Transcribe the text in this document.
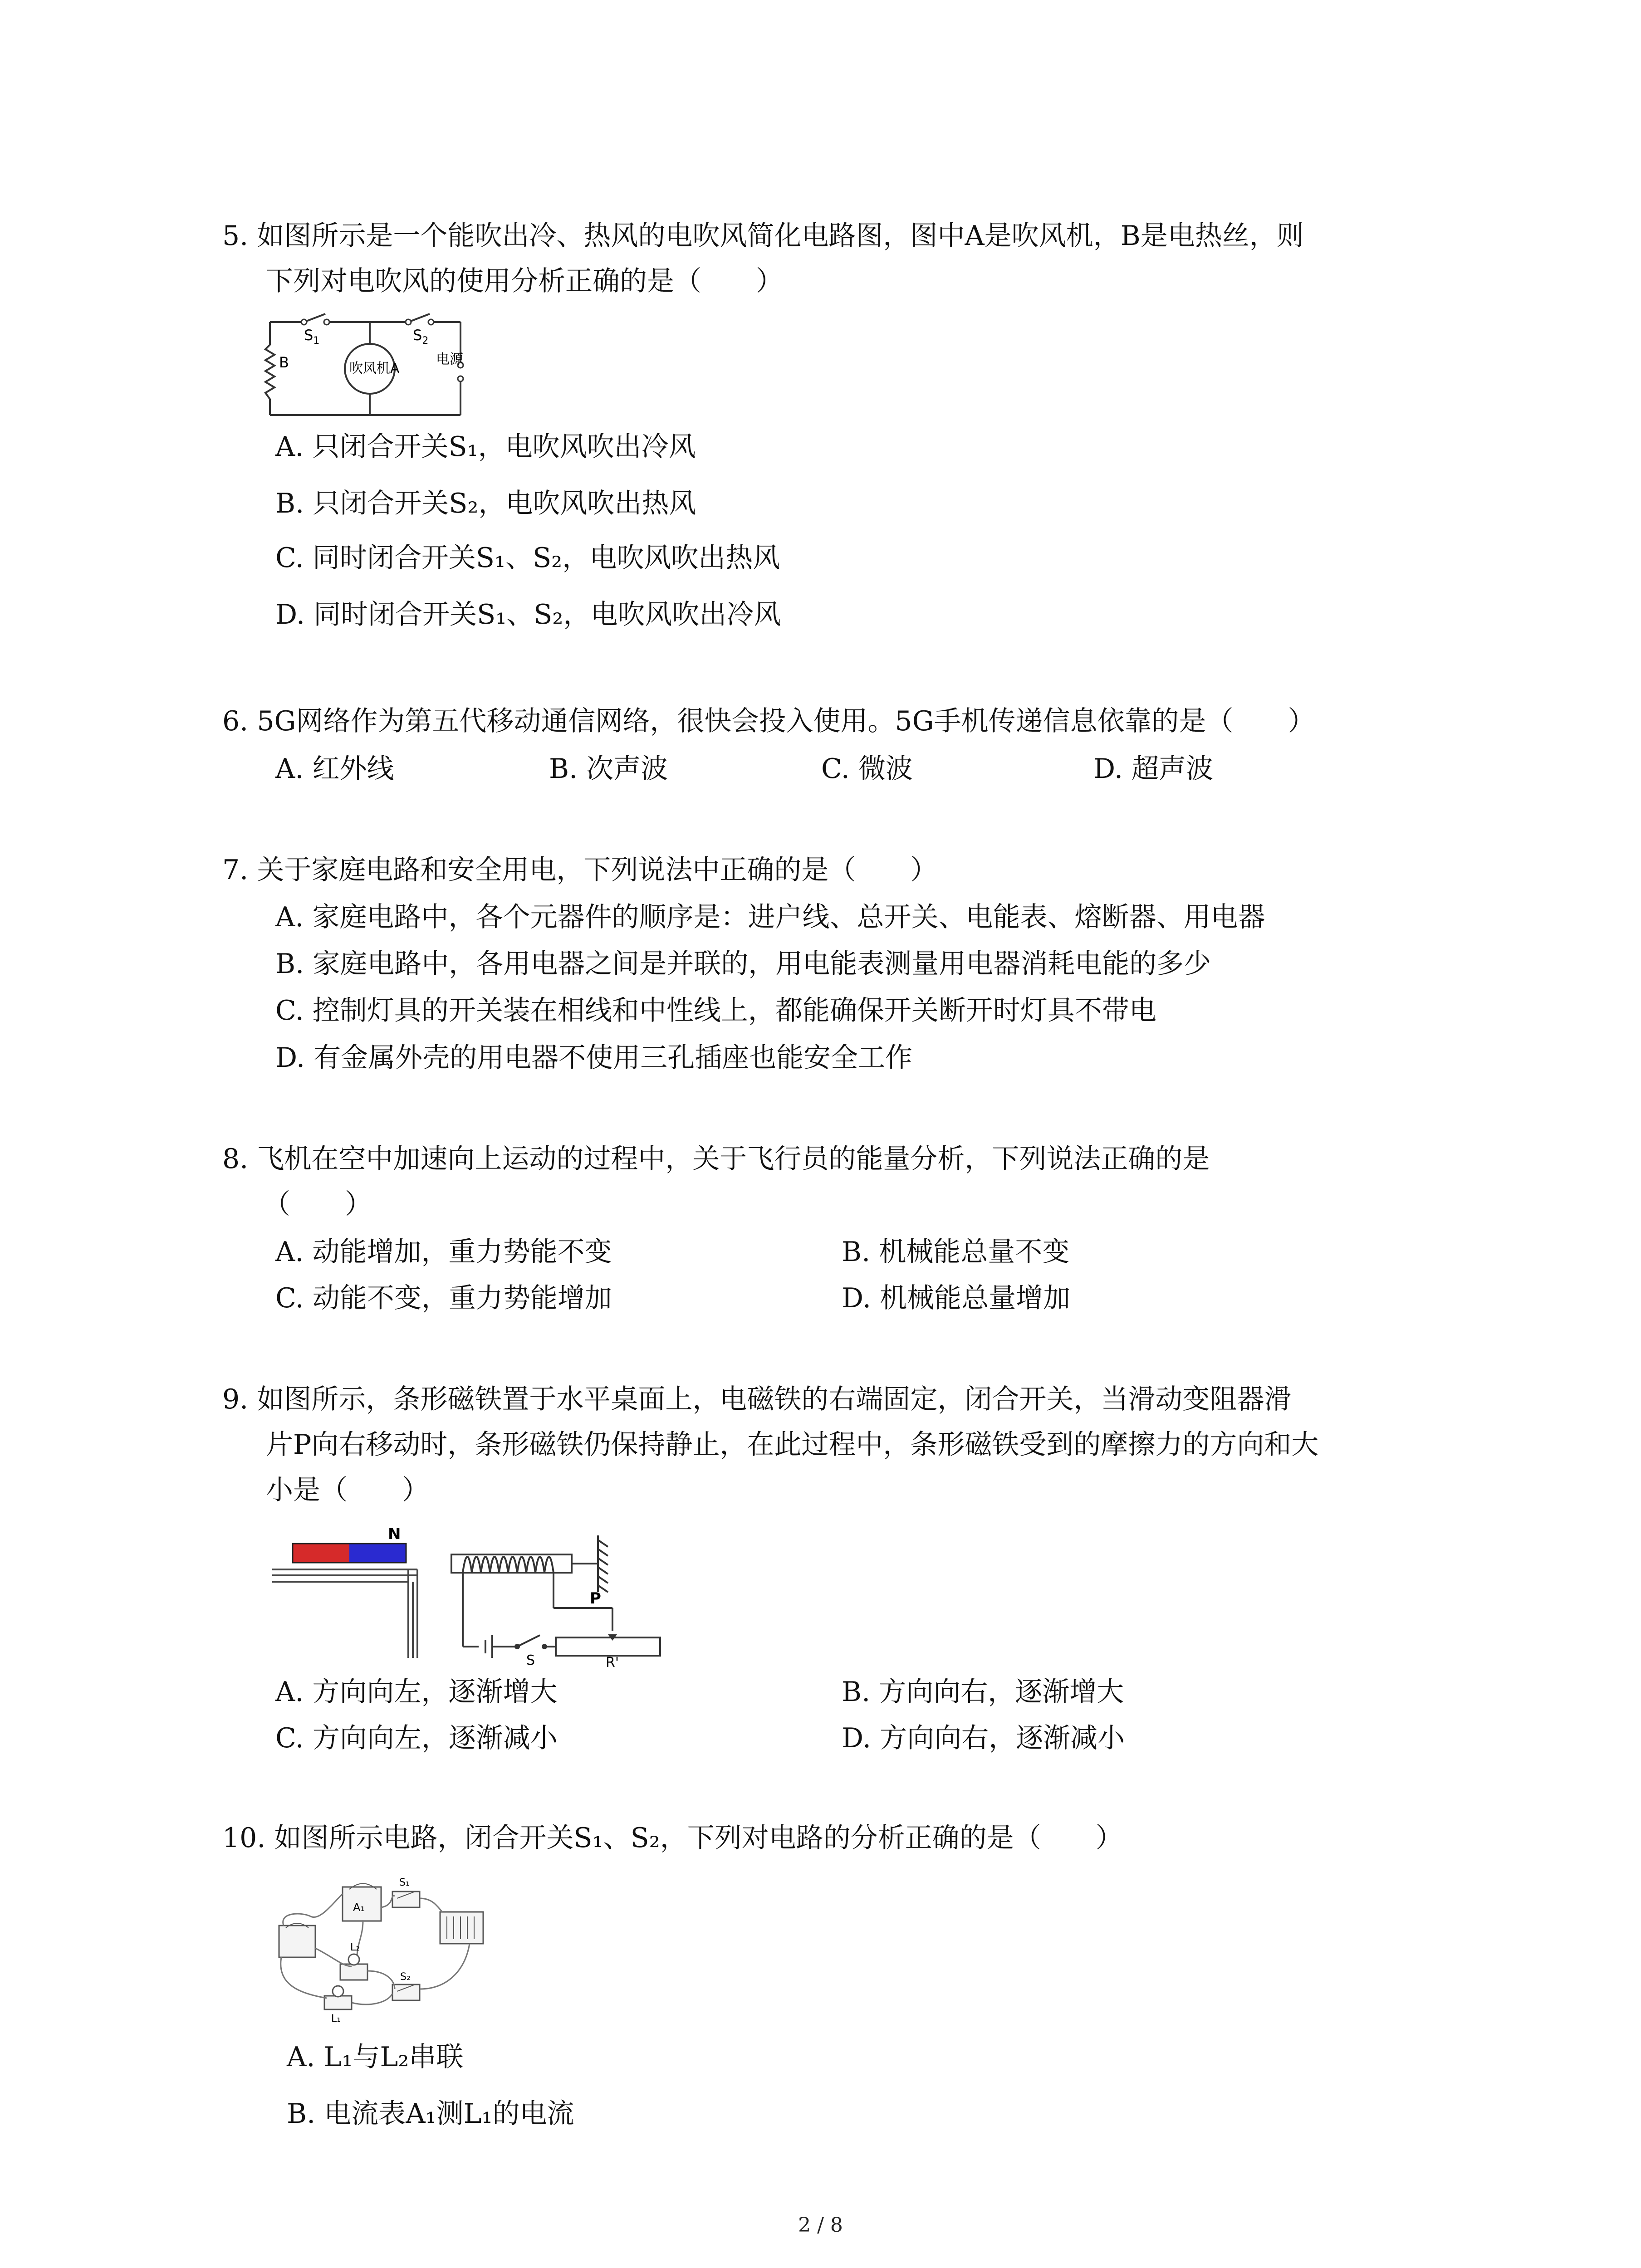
5. 如图所示是一个能吹出冷、热风的电吹风简化电路图，图中A是吹风机，B是电热丝，则
下列对电吹风的使用分析正确的是（　　）
$S_1$	$S_2$
B	吹风机A
电源
A. 只闭合开关S₁，电吹风吹出冷风
B. 只闭合开关S₂，电吹风吹出热风
C. 同时闭合开关S₁、S₂，电吹风吹出热风
D. 同时闭合开关S₁、S₂，电吹风吹出冷风
6. 5G网络作为第五代移动通信网络，很快会投入使用。5G手机传递信息依靠的是（　　）
A. 红外线	B. 次声波	C. 微波	D. 超声波
7. 关于家庭电路和安全用电，下列说法中正确的是（　　）
A. 家庭电路中，各个元器件的顺序是：进户线、总开关、电能表、熔断器、用电器
B. 家庭电路中，各用电器之间是并联的，用电能表测量用电器消耗电能的多少
C. 控制灯具的开关装在相线和中性线上，都能确保开关断开时灯具不带电
D. 有金属外壳的用电器不使用三孔插座也能安全工作
8. 飞机在空中加速向上运动的过程中，关于飞行员的能量分析，下列说法正确的是
（　　）
A. 动能增加，重力势能不变	B. 机械能总量不变
C. 动能不变，重力势能增加	D. 机械能总量增加
9. 如图所示，条形磁铁置于水平桌面上，电磁铁的右端固定，闭合开关，当滑动变阻器滑
片P向右移动时，条形磁铁仍保持静止，在此过程中，条形磁铁受到的摩擦力的方向和大
小是（　　）
N
P
S	R'
A. 方向向左，逐渐增大	B. 方向向右，逐渐增大
C. 方向向左，逐渐减小	D. 方向向右，逐渐减小
10. 如图所示电路，闭合开关S₁、S₂，下列对电路的分析正确的是（　　）
A₁
S₁
L₂
S₂
L₁
A. L₁与L₂串联
B. 电流表A₁测L₁的电流
2 / 8
